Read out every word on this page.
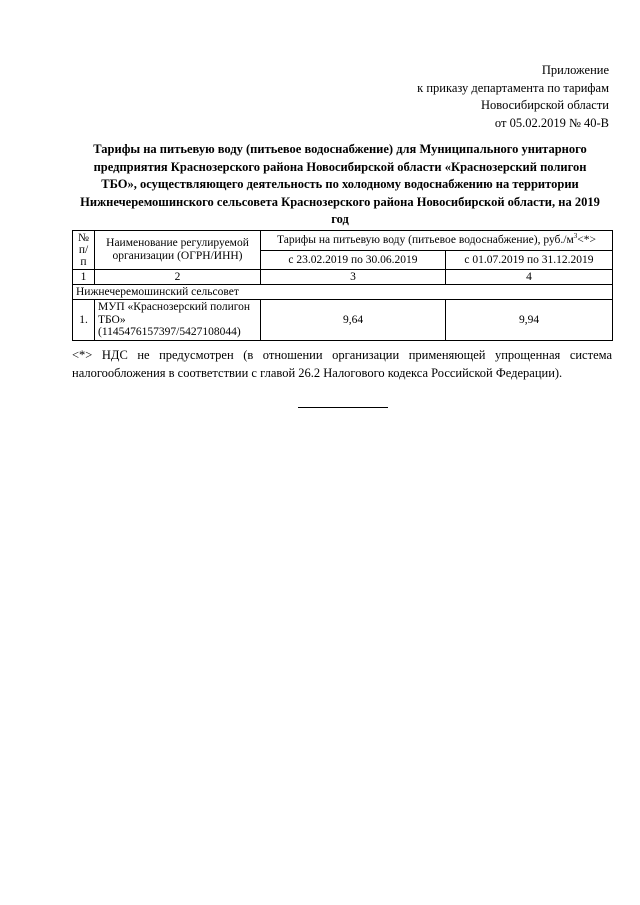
Приложение
к приказу департамента по тарифам
Новосибирской области
от 05.02.2019 № 40-В
Тарифы на питьевую воду (питьевое водоснабжение) для Муниципального унитарного предприятия Краснозерского района Новосибирской области «Краснозерский полигон ТБО», осуществляющего деятельность по холодному водоснабжению на территории Нижнечеремошинского сельсовета Краснозерского района Новосибирской области, на 2019 год
№ п/п	Наименование регулируемой организации (ОГРН/ИНН)	Тарифы на питьевую воду (питьевое водоснабжение), $руб./м^3<*>$	
		с 23.02.2019 по 30.06.2019	с 01.07.2019 по 31.12.2019
1	2	3	4
Нижнечеремошинский сельсовет			
1.	МУП «Краснозерский полигон ТБО» (1145476157397/5427108044)	9,64	9,94
<*> НДС не предусмотрен (в отношении организации применяющей упрощенная система налогообложения в соответствии с главой 26.2 Налогового кодекса Российской Федерации).
